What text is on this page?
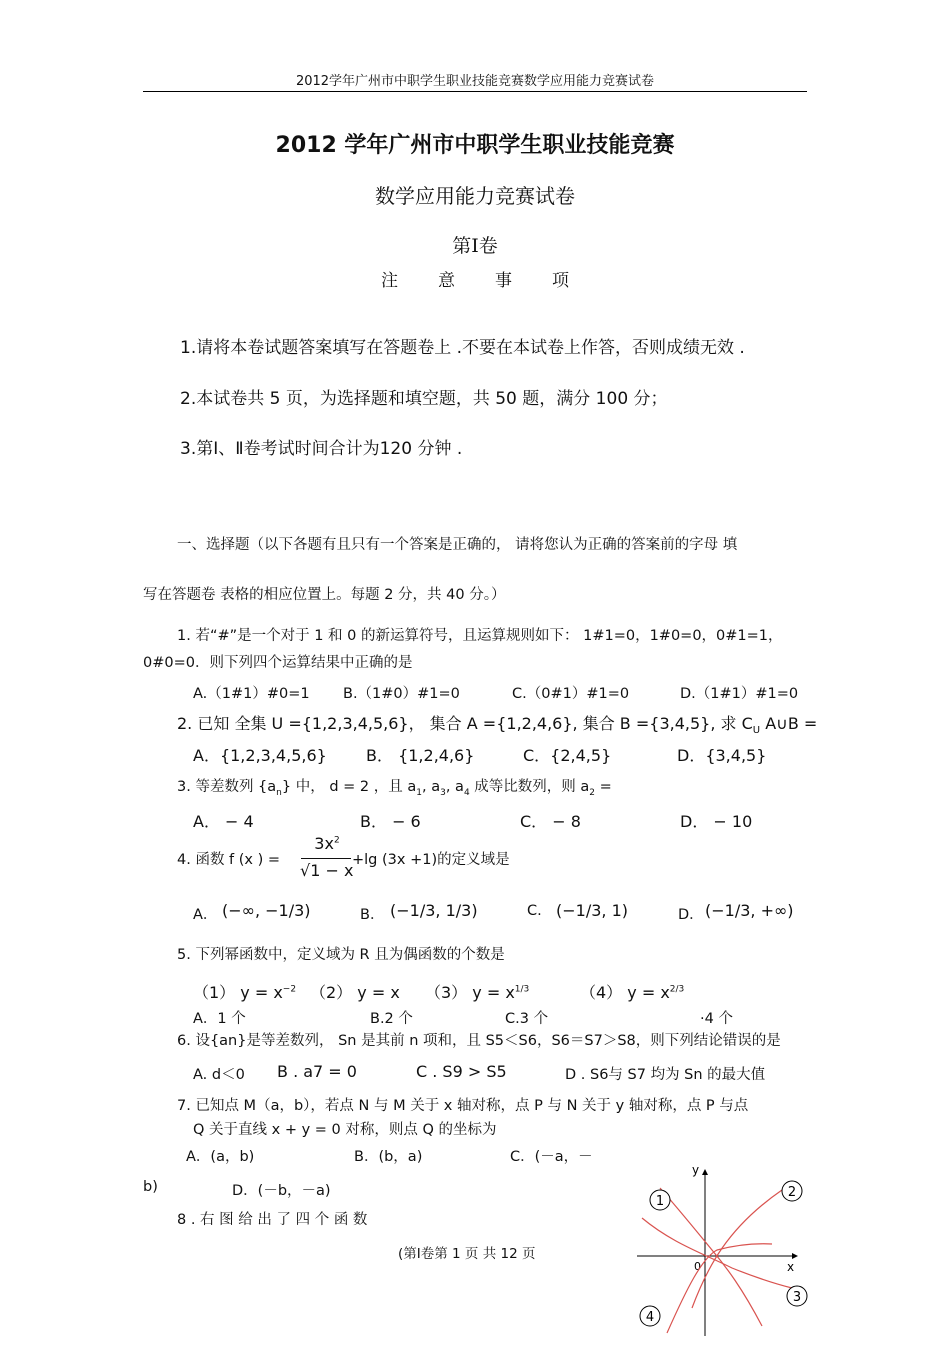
2012学年广州市中职学生职业技能竞赛数学应用能力竞赛试卷
2012 学年广州市中职学生职业技能竞赛
数学应用能力竞赛试卷
第Ⅰ卷
注意事项
1.请将本卷试题答案填写在答题卷上 .不要在本试卷上作答，否则成绩无效 .
2.本试卷共 5 页，为选择题和填空题，共 50 题，满分 100 分；
3.第Ⅰ、Ⅱ卷考试时间合计为120 分钟 .
一、选择题（以下各题有且只有一个答案是正确的， 请将您认为正确的答案前的字母 填
写在答题卷 表格的相应位置上。每题 2 分，共 40 分。）
1. 若“#”是一个对于 1 和 0 的新运算符号，且运算规则如下： 1#1=0，1#0=0，0#1=1，
0#0=0．则下列四个运算结果中正确的是
A.（1#1）#0=1 B.（1#0）#1=0	C.（0#1）#1=0	D.（1#1）#1=0
2. 已知 全集 U ={1,2,3,4,5,6}， 集合 A ={1,2,4,6}, 集合 B ={3,4,5}, 求 $C_U$ A∪B =
A．{1,2,3,4,5,6} B． {1,2,4,6}	C．{2,4,5}	D．{3,4,5}
3. 等差数列 $\{a_n\}$ 中， d = 2 ，且 $a_1$, $a_3$, $a_4$ 成等比数列，则 $a_2$ =
A． − 4	B． − 6	C． − 8	D． − 10
4. 函数 f (x ) =
$3x^2$
√1 − x
+lg (3x +1)的定义域是
A． (−∞, −1/3)	B． (−1/3, 1/3)	C. (−1/3, 1)	D． (−1/3, +∞)
5. 下列幂函数中，定义域为 R 且为偶函数的个数是
（1） $y = x^{-2}$ （2） y = x （3） $y = x^{1/3}$	（4） $y = x^{2/3}$
A．1 个	B.2 个	C.3 个	·4 个
6. 设{an}是等差数列， Sn 是其前 n 项和，且 S5＜S6，S6＝S7＞S8，则下列结论错误的是
A. d＜0 B . a7 = 0	C . S9 > S5	D . S6与 S7 均为 Sn 的最大值
7. 已知点 M（a，b），若点 N 与 M 关于 x 轴对称，点 P 与 N 关于 y 轴对称，点 P 与点
Q 关于直线 x + y = 0 对称，则点 Q 的坐标为
A．(a，b)	B．(b，a)	C．(－a，－
b)	D．(－b，－a)
8 . 右 图 给 出 了 四 个 函 数
(第Ⅰ卷第 1 页 共 12 页
x
y
0
1
2
3
4
